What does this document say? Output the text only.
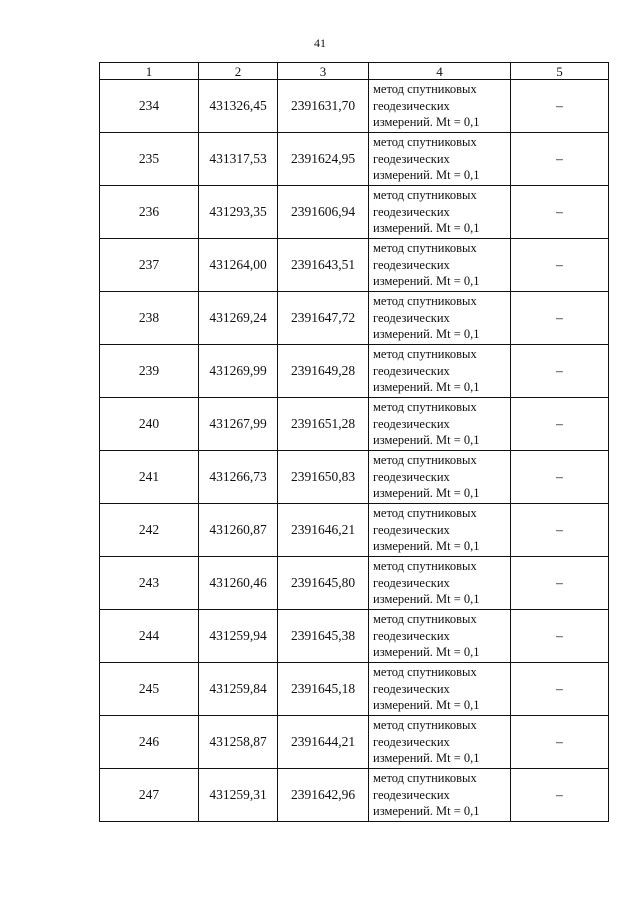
41
1	2	3	4	5
234	431326,45	2391631,70	метод спутниковых
геодезических
измерений. Mt = 0,1	–
235	431317,53	2391624,95	метод спутниковых
геодезических
измерений. Mt = 0,1	–
236	431293,35	2391606,94	метод спутниковых
геодезических
измерений. Mt = 0,1	–
237	431264,00	2391643,51	метод спутниковых
геодезических
измерений. Mt = 0,1	–
238	431269,24	2391647,72	метод спутниковых
геодезических
измерений. Mt = 0,1	–
239	431269,99	2391649,28	метод спутниковых
геодезических
измерений. Mt = 0,1	–
240	431267,99	2391651,28	метод спутниковых
геодезических
измерений. Mt = 0,1	–
241	431266,73	2391650,83	метод спутниковых
геодезических
измерений. Mt = 0,1	–
242	431260,87	2391646,21	метод спутниковых
геодезических
измерений. Mt = 0,1	–
243	431260,46	2391645,80	метод спутниковых
геодезических
измерений. Mt = 0,1	–
244	431259,94	2391645,38	метод спутниковых
геодезических
измерений. Mt = 0,1	–
245	431259,84	2391645,18	метод спутниковых
геодезических
измерений. Mt = 0,1	–
246	431258,87	2391644,21	метод спутниковых
геодезических
измерений. Mt = 0,1	–
247	431259,31	2391642,96	метод спутниковых
геодезических
измерений. Mt = 0,1	–
